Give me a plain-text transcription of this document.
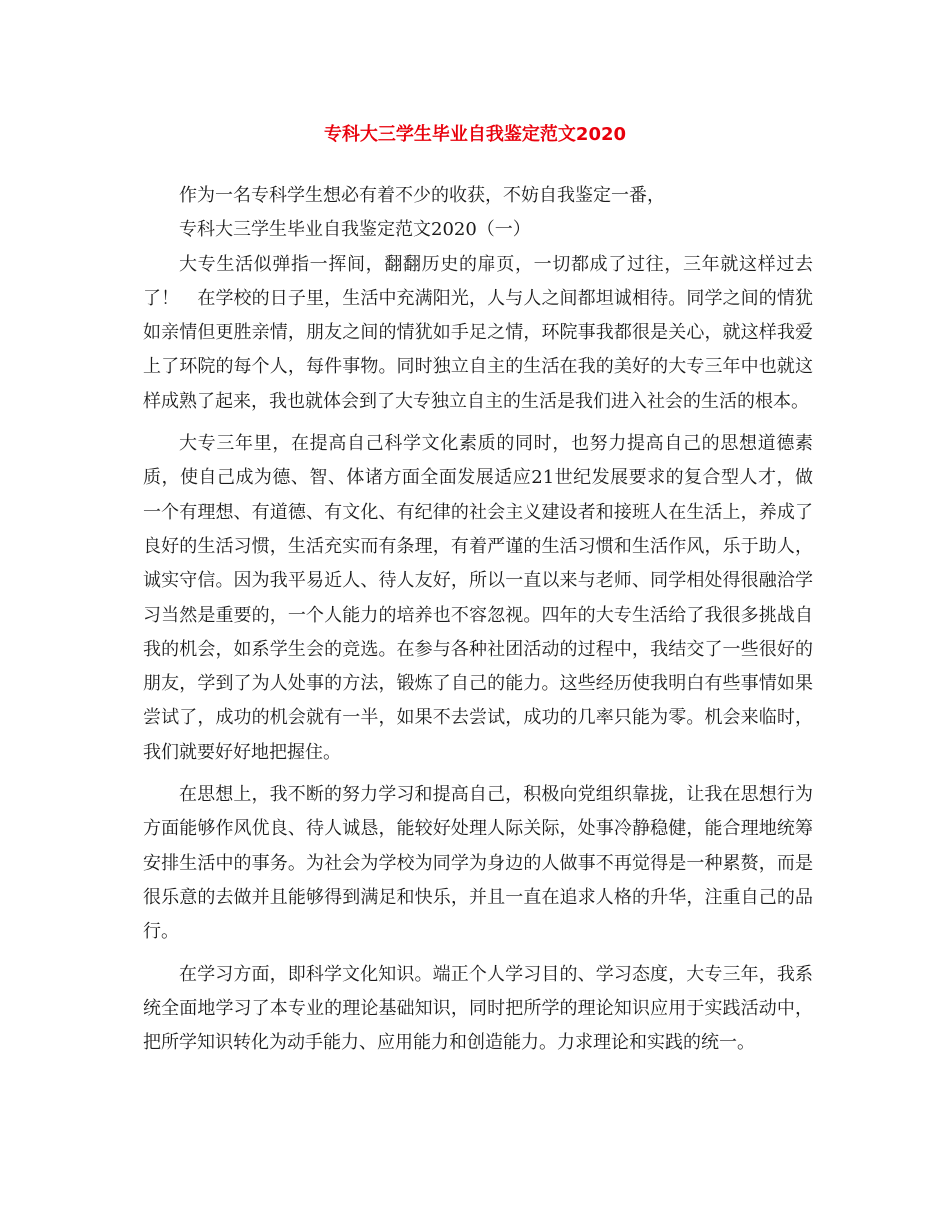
专科大三学生毕业自我鉴定范文2020

作为一名专科学生想必有着不少的收获，不妨自我鉴定一番，

专科大三学生毕业自我鉴定范文2020（一）

大专生活似弹指一挥间，翻翻历史的扉页，一切都成了过往，三年就这样过去了！　在学校的日子里，生活中充满阳光，人与人之间都坦诚相待。同学之间的情犹如亲情但更胜亲情，朋友之间的情犹如手足之情，环院事我都很是关心，就这样我爱上了环院的每个人，每件事物。同时独立自主的生活在我的美好的大专三年中也就这样成熟了起来，我也就体会到了大专独立自主的生活是我们进入社会的生活的根本。

大专三年里，在提高自己科学文化素质的同时，也努力提高自己的思想道德素质，使自己成为德、智、体诸方面全面发展适应21世纪发展要求的复合型人才，做一个有理想、有道德、有文化、有纪律的社会主义建设者和接班人在生活上，养成了良好的生活习惯，生活充实而有条理，有着严谨的生活习惯和生活作风，乐于助人，诚实守信。因为我平易近人、待人友好，所以一直以来与老师、同学相处得很融洽学习当然是重要的，一个人能力的培养也不容忽视。四年的大专生活给了我很多挑战自我的机会，如系学生会的竞选。在参与各种社团活动的过程中，我结交了一些很好的朋友，学到了为人处事的方法，锻炼了自己的能力。这些经历使我明白有些事情如果尝试了，成功的机会就有一半，如果不去尝试，成功的几率只能为零。机会来临时，我们就要好好地把握住。

在思想上，我不断的努力学习和提高自己，积极向党组织靠拢，让我在思想行为方面能够作风优良、待人诚恳，能较好处理人际关际，处事冷静稳健，能合理地统筹安排生活中的事务。为社会为学校为同学为身边的人做事不再觉得是一种累赘，而是很乐意的去做并且能够得到满足和快乐，并且一直在追求人格的升华，注重自己的品行。

在学习方面，即科学文化知识。端正个人学习目的、学习态度，大专三年，我系统全面地学习了本专业的理论基础知识，同时把所学的理论知识应用于实践活动中，把所学知识转化为动手能力、应用能力和创造能力。力求理论和实践的统一。
